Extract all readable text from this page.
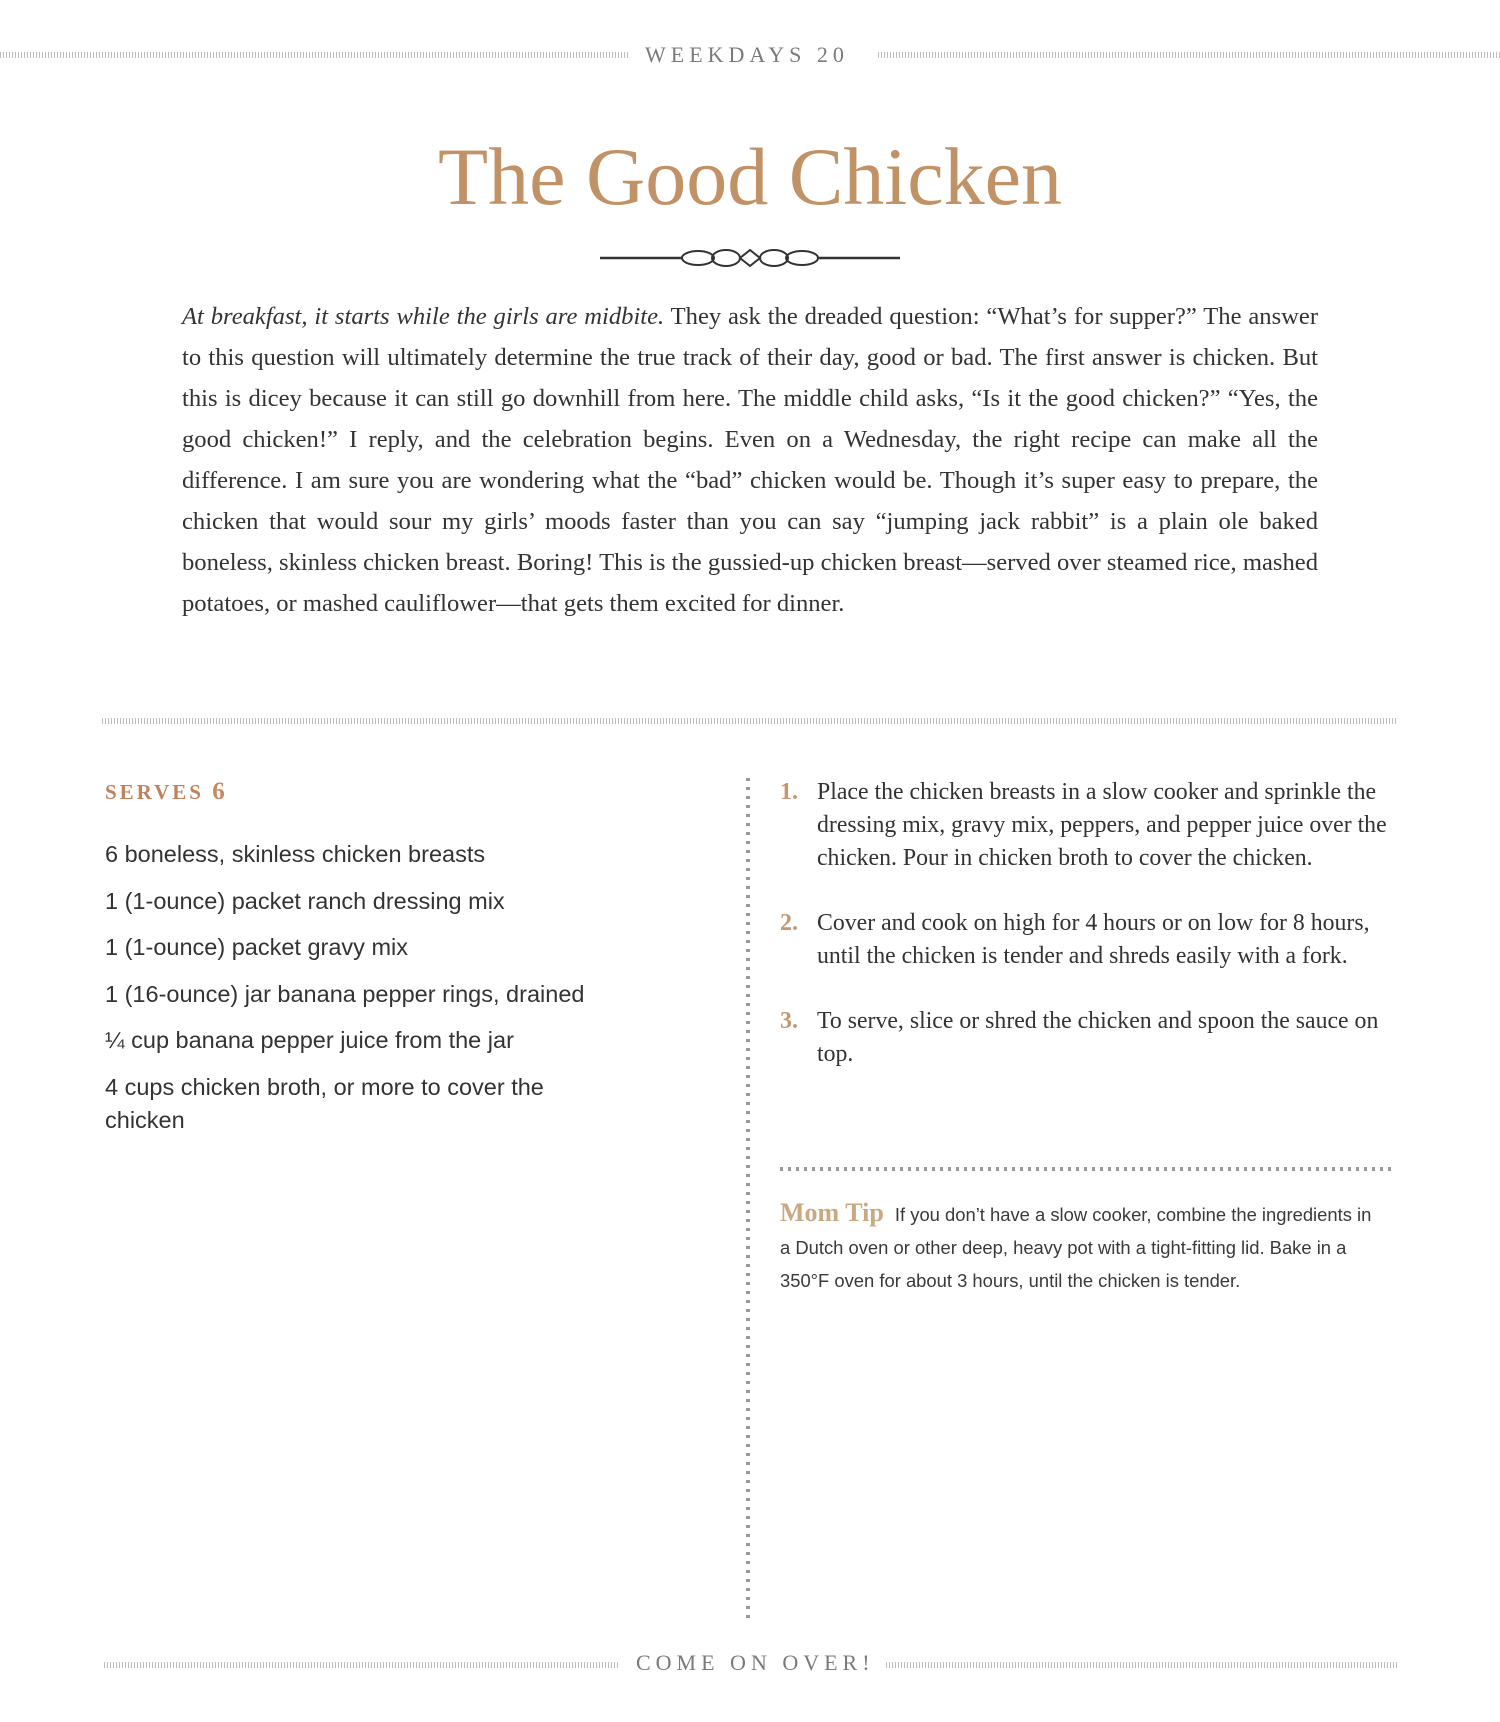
WEEKDAYS 20
The Good Chicken

At breakfast, it starts while the girls are midbite. They ask the dreaded question: “What’s for supper?” The answer to this question will ultimately determine the true track of their day, good or bad. The first answer is chicken. But this is dicey because it can still go downhill from here. The middle child asks, “Is it the good chicken?” “Yes, the good chicken!” I reply, and the celebration begins. Even on a Wednesday, the right recipe can make all the difference. I am sure you are wondering what the “bad” chicken would be. Though it’s super easy to prepare, the chicken that would sour my girls’ moods faster than you can say “jumping jack rabbit” is a plain ole baked boneless, skinless chicken breast. Boring! This is the gussied-up chicken breast—served over steamed rice, mashed potatoes, or mashed cauliflower—that gets them excited for dinner.

SERVES 6
6 boneless, skinless chicken breasts
1 (1-ounce) packet ranch dressing mix
1 (1-ounce) packet gravy mix
1 (16-ounce) jar banana pepper rings, drained
¼ cup banana pepper juice from the jar
4 cups chicken broth, or more to cover the chicken
1. Place the chicken breasts in a slow cooker and sprinkle the dressing mix, gravy mix, peppers, and pepper juice over the chicken. Pour in chicken broth to cover the chicken.
2. Cover and cook on high for 4 hours or on low for 8 hours, until the chicken is tender and shreds easily with a fork.
3. To serve, slice or shred the chicken and spoon the sauce on top.
Mom Tip If you don’t have a slow cooker, combine the ingredients in a Dutch oven or other deep, heavy pot with a tight-fitting lid. Bake in a 350°F oven for about 3 hours, until the chicken is tender.
COME ON OVER!
